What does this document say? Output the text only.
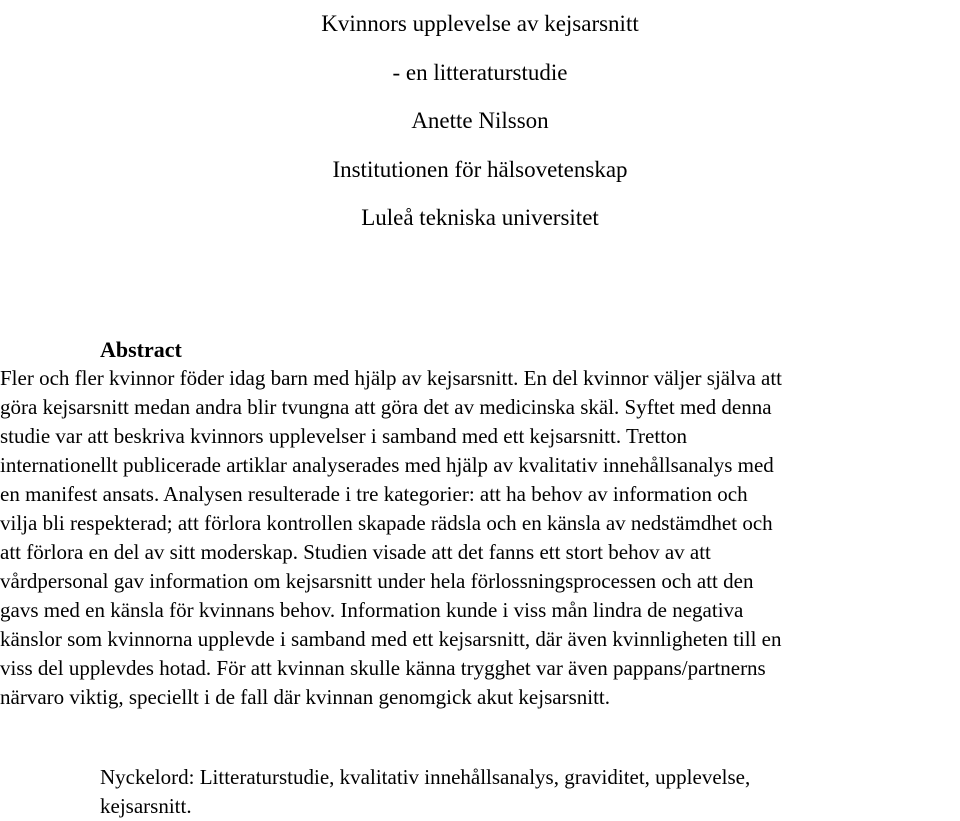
Kvinnors upplevelse av kejsarsnitt
- en litteraturstudie
Anette Nilsson
Institutionen för hälsovetenskap
Luleå tekniska universitet
Abstract
Fler och fler kvinnor föder idag barn med hjälp av kejsarsnitt. En del kvinnor väljer själva att
göra kejsarsnitt medan andra blir tvungna att göra det av medicinska skäl. Syftet med denna
studie var att beskriva kvinnors upplevelser i samband med ett kejsarsnitt. Tretton
internationellt publicerade artiklar analyserades med hjälp av kvalitativ innehållsanalys med
en manifest ansats. Analysen resulterade i tre kategorier: att ha behov av information och
vilja bli respekterad; att förlora kontrollen skapade rädsla och en känsla av nedstämdhet och
att förlora en del av sitt moderskap. Studien visade att det fanns ett stort behov av att
vårdpersonal gav information om kejsarsnitt under hela förlossningsprocessen och att den
gavs med en känsla för kvinnans behov. Information kunde i viss mån lindra de negativa
känslor som kvinnorna upplevde i samband med ett kejsarsnitt, där även kvinnligheten till en
viss del upplevdes hotad. För att kvinnan skulle känna trygghet var även pappans/partnerns
närvaro viktig, speciellt i de fall där kvinnan genomgick akut kejsarsnitt.
Nyckelord: Litteraturstudie, kvalitativ innehållsanalys, graviditet, upplevelse,
kejsarsnitt.
